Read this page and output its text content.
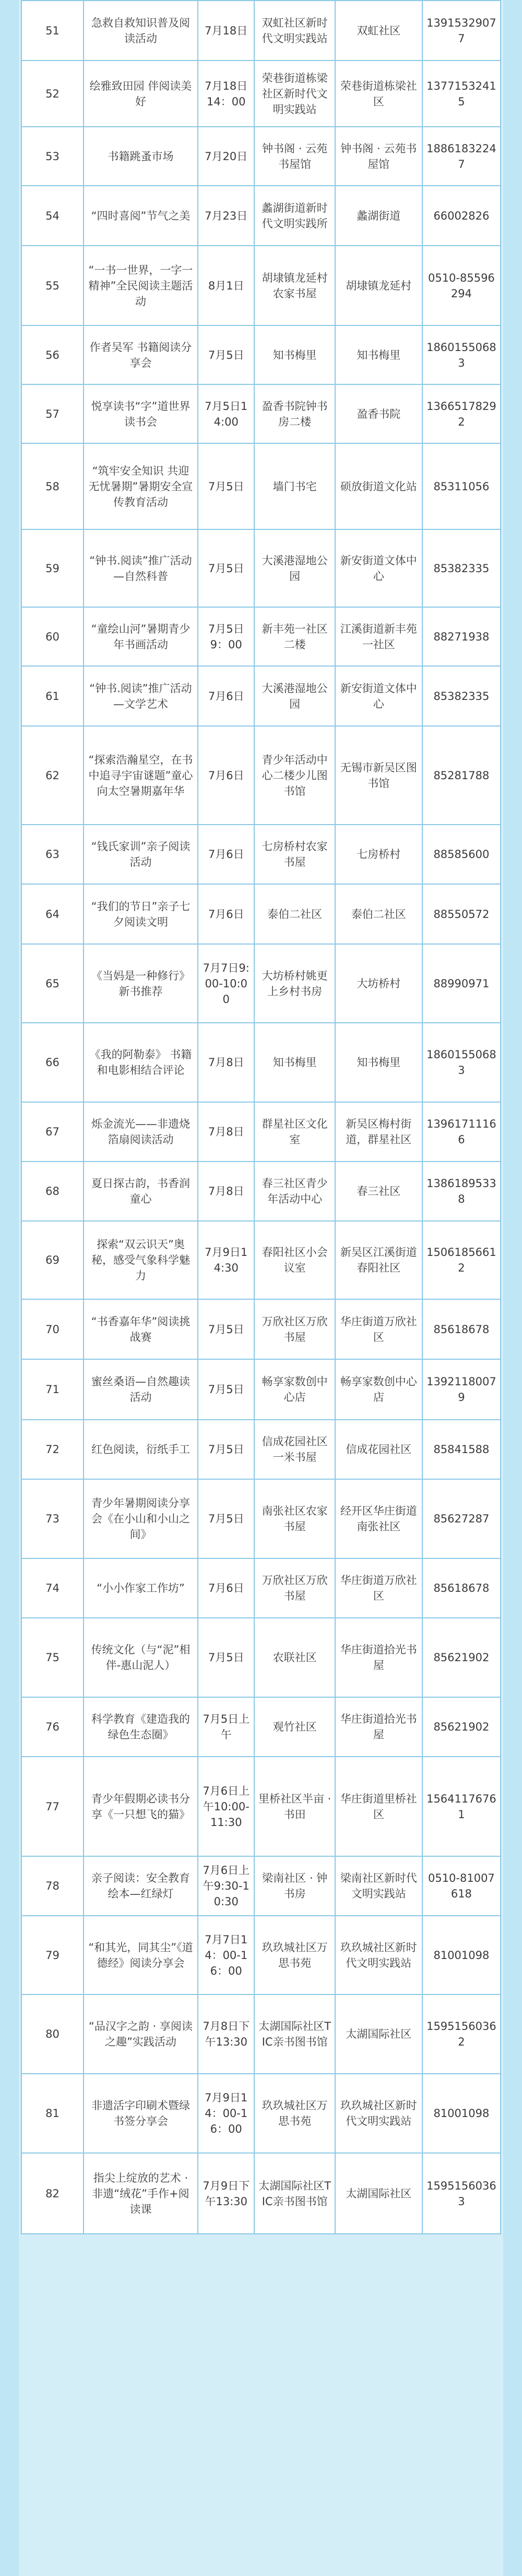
51	急救自救知识普及阅读活动	7月18日	双虹社区新时代文明实践站	双虹社区	13915329077
52	绘雅致田园 伴阅读美好	7月18日14：00	荣巷街道栋梁社区新时代文明实践站	荣巷街道栋梁社区	13771532415
53	书籍跳蚤市场	7月20日	钟书阁 · 云苑书屋馆	钟书阁 · 云苑书屋馆	18861832247
54	“四时喜阅”节气之美	7月23日	蠡湖街道新时代文明实践所	蠡湖街道	66002826
55	“一书一世界，一字一精神”全民阅读主题活动	8月1日	胡埭镇龙延村农家书屋	胡埭镇龙延村	0510-85596294
56	作者吴军 书籍阅读分享会	7月5日	知书梅里	知书梅里	18601550683
57	悦享读书“字”道世界读书会	7月5日14:00	盈香书院钟书房二楼	盈香书院	13665178292
58	“筑牢安全知识 共迎无忧暑期”暑期安全宣传教育活动	7月5日	墙门书宅	硕放街道文化站	85311056
59	“钟书.阅读”推广活动—自然科普	7月5日	大溪港湿地公园	新安街道文体中心	85382335
60	“童绘山河”暑期青少年书画活动	7月5日9：00	新丰苑一社区二楼	江溪街道新丰苑一社区	88271938
61	“钟书.阅读”推广活动—文学艺术	7月6日	大溪港湿地公园	新安街道文体中心	85382335
62	“探索浩瀚星空，在书中追寻宇宙谜题”童心向太空暑期嘉年华	7月6日	青少年活动中心二楼少儿图书馆	无锡市新吴区图书馆	85281788
63	“钱氏家训”亲子阅读活动	7月6日	七房桥村农家书屋	七房桥村	88585600
64	“我们的节日”亲子七夕阅读文明	7月6日	泰伯二社区	泰伯二社区	88550572
65	《当妈是一种修行》新书推荐	7月7日9:00-10:00	大坊桥村姚更上乡村书房	大坊桥村	88990971
66	《我的阿勒泰》 书籍和电影相结合评论	7月8日	知书梅里	知书梅里	18601550683
67	烁金流光——非遗烧箔扇阅读活动	7月8日	群星社区文化室	新吴区梅村街道，群星社区	13961711166
68	夏日探古韵，书香润童心	7月8日	春三社区青少年活动中心	春三社区	13861895338
69	探索“双云识天”奥秘，感受气象科学魅力	7月9日14:30	春阳社区小会议室	新吴区江溪街道春阳社区	15061856612
70	“书香嘉年华”阅读挑战赛	7月5日	万欣社区万欣书屋	华庄街道万欣社区	85618678
71	蜜丝桑语—自然趣读活动	7月5日	畅享家数创中心店	畅享家数创中心店	13921180079
72	红色阅读，衍纸手工	7月5日	信成花园社区一米书屋	信成花园社区	85841588
73	青少年暑期阅读分享会《在小山和小山之间》	7月5日	南张社区农家书屋	经开区华庄街道南张社区	85627287
74	“小小作家工作坊”	7月6日	万欣社区万欣书屋	华庄街道万欣社区	85618678
75	传统文化（与“泥”相伴-惠山泥人）	7月5日	农联社区	华庄街道拾光书屋	85621902
76	科学教育《建造我的绿色生态圈》	7月5日上午	观竹社区	华庄街道拾光书屋	85621902
77	青少年假期必读书分享《一只想飞的猫》	7月6日上午10:00-11:30	里桥社区半亩 · 书田	华庄街道里桥社区	15641176761
78	亲子阅读：安全教育绘本—红绿灯	7月6日上午9:30-10:30	梁南社区 · 钟书房	梁南社区新时代文明实践站	0510-81007618
79	“和其光，同其尘”《道德经》阅读分享会	7月7日14：00-16：00	玖玖城社区万思书苑	玖玖城社区新时代文明实践站	81001098
80	“品汉字之韵 · 享阅读之趣”实践活动	7月8日下午13:30	太湖国际社区TIC亲书图书馆	太湖国际社区	15951560362
81	非遗活字印刷术暨绿书签分享会	7月9日14：00-16：00	玖玖城社区万思书苑	玖玖城社区新时代文明实践站	81001098
82	指尖上绽放的艺术 · 非遗“绒花”手作+阅读课	7月9日下午13:30	太湖国际社区TIC亲书图书馆	太湖国际社区	15951560363
